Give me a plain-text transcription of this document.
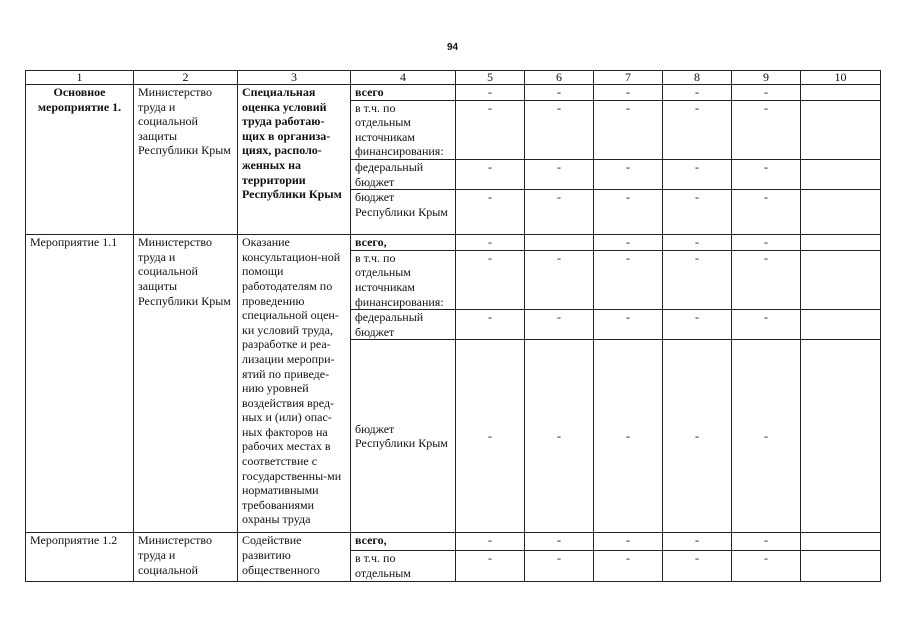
94
1	2	3	4	5	6	7	8	9	10
Основное мероприятие 1.	Министерство труда и социальной защиты Республики Крым	Специальная оценка условий труда работаю-щих в организа-циях, располо-женных на территории Республики Крым	всего	-	-	-	-	-	
			в т.ч. по отдельным источникам финансирования:	-	-	-	-	-	
			федеральный бюджет	-	-	-	-	-	
			бюджет Республики Крым	-	-	-	-	-	
Мероприятие 1.1	Министерство труда и социальной защиты Республики Крым	Оказание консультацион-ной помощи работодателям по проведению специальной оцен-ки условий труда, разработке и реа-лизации меропри-ятий по приведе-нию уровней воздействия вред-ных и (или) опас-ных факторов на рабочих местах в соответствие с государственны-ми нормативными требованиями охраны труда	всего,	-		-	-	-	
			в т.ч. по отдельным источникам финансирования:	-	-	-	-	-	
			федеральный бюджет	-	-	-	-	-	
			бюджет Республики Крым	-	-	-	-	-	
Мероприятие 1.2	Министерство труда и социальной	Содействие развитию общественного	всего,	-	-	-	-	-	
			в т.ч. по отдельным	-	-	-	-	-	
